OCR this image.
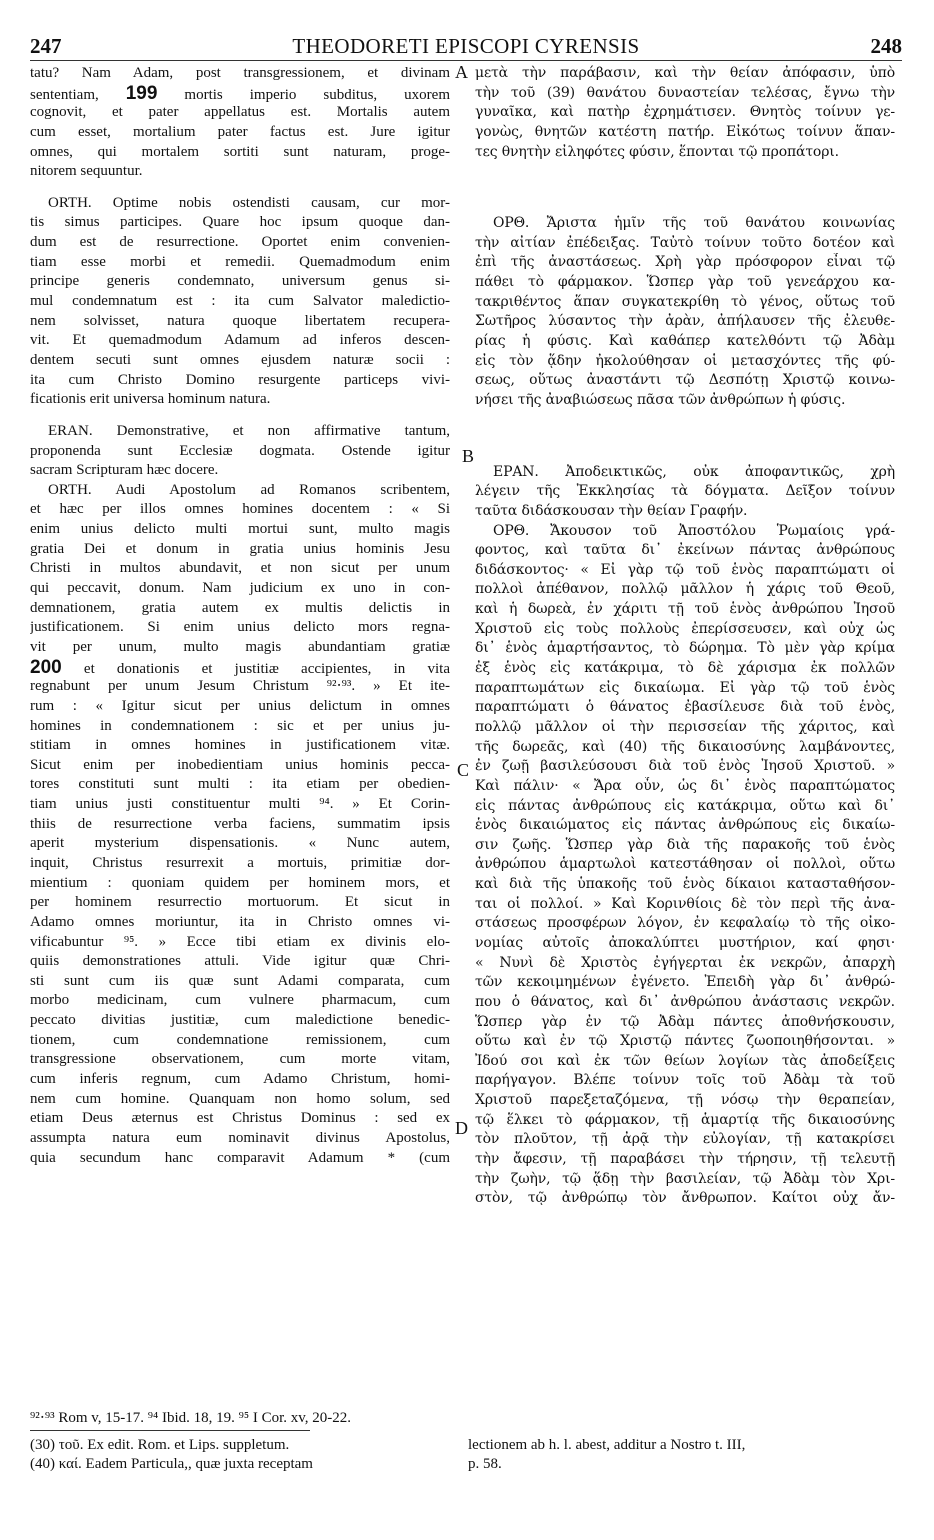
247	THEODORETI EPISCOPI CYRENSIS	248
tatu? Nam Adam, post transgressionem, et divinam
sententiam, 199 mortis imperio subditus, uxorem
cognovit, et pater appellatus est. Mortalis autem
cum esset, mortalium pater factus est. Jure igitur
omnes, qui mortalem sortiti sunt naturam, proge-
nitorem sequuntur.
ORTH. Optime nobis ostendisti causam, cur mor-
tis simus participes. Quare hoc ipsum quoque dan-
dum est de resurrectione. Oportet enim convenien-
tiam esse morbi et remedii. Quemadmodum enim
principe generis condemnato, universum genus si-
mul condemnatum est : ita cum Salvator maledictio-
nem solvisset, natura quoque libertatem recupera-
vit. Et quemadmodum Adamum ad inferos descen-
dentem secuti sunt omnes ejusdem naturæ socii :
ita cum Christo Domino resurgente particeps vivi-
ficationis erit universa hominum natura.
ERAN. Demonstrative, et non affirmative tantum,
proponenda sunt Ecclesiæ dogmata. Ostende igitur
sacram Scripturam hæc docere.
ORTH. Audi Apostolum ad Romanos scribentem,
et hæc per illos omnes homines docentem : « Si
enim unius delicto multi mortui sunt, multo magis
gratia Dei et donum in gratia unius hominis Jesu
Christi in multos abundavit, et non sicut per unum
qui peccavit, donum. Nam judicium ex uno in con-
demnationem, gratia autem ex multis delictis in
justificationem. Si enim unius delicto mors regna-
vit per unum, multo magis abundantiam gratiæ
200 et donationis et justitiæ accipientes, in vita
regnabunt per unum Jesum Christum ⁹²⋅⁹³. » Et ite-
rum : « Igitur sicut per unius delictum in omnes
homines in condemnationem : sic et per unius ju-
stitiam in omnes homines in justificationem vitæ.
Sicut enim per inobedientiam unius hominis pecca-
tores constituti sunt multi : ita etiam per obedien-
tiam unius justi constituentur multi ⁹⁴. » Et Corin-
thiis de resurrectione verba faciens, summatim ipsis
aperit mysterium dispensationis. « Nunc autem,
inquit, Christus resurrexit a mortuis, primitiæ dor-
mientium : quoniam quidem per hominem mors, et
per hominem resurrectio mortuorum. Et sicut in
Adamo omnes moriuntur, ita in Christo omnes vi-
vificabuntur ⁹⁵. » Ecce tibi etiam ex divinis elo-
quiis demonstrationes attuli. Vide igitur quæ Chri-
sti sunt cum iis quæ sunt Adami comparata, cum
morbo medicinam, cum vulnere pharmacum, cum
peccato divitias justitiæ, cum maledictione benedic-
tionem, cum condemnatione remissionem, cum
transgressione observationem, cum morte vitam,
cum inferis regnum, cum Adamo Christum, homi-
nem cum homine. Quanquam non homo solum, sed
etiam Deus æternus est Christus Dominus : sed ex
assumpta natura eum nominavit divinus Apostolus,
quia secundum hanc comparavit Adamum * (cum
A
B
C
D
μετὰ τὴν παράβασιν, καὶ τὴν θείαν ἀπόφασιν, ὑπὸ
τὴν τοῦ (39) θανάτου δυναστείαν τελέσας, ἔγνω τὴν
γυναῖκα, καὶ πατὴρ ἐχρημάτισεν. Θνητὸς τοίνυν γε-
γονὼς, θνητῶν κατέστη πατήρ. Εἰκότως τοίνυν ἅπαν-
τες θνητὴν εἰληφότες φύσιν, ἕπονται τῷ προπάτορι.
ΟΡΘ. Ἄριστα ἡμῖν τῆς τοῦ θανάτου κοινωνίας
τὴν αἰτίαν ἐπέδειξας. Ταὐτὸ τοίνυν τοῦτο δοτέον καὶ
ἐπὶ τῆς ἀναστάσεως. Χρὴ γὰρ πρόσφορον εἶναι τῷ
πάθει τὸ φάρμακον. Ὥσπερ γὰρ τοῦ γενεάρχου κα-
τακριθέντος ἅπαν συγκατεκρίθη τὸ γένος, οὕτως τοῦ
Σωτῆρος λύσαντος τὴν ἀρὰν, ἀπήλαυσεν τῆς ἐλευθε-
ρίας ἡ φύσις. Καὶ καθάπερ κατελθόντι τῷ Ἀδὰμ
εἰς τὸν ᾅδην ἠκολούθησαν οἱ μετασχόντες τῆς φύ-
σεως, οὕτως ἀναστάντι τῷ Δεσπότῃ Χριστῷ κοινω-
νήσει τῆς ἀναβιώσεως πᾶσα τῶν ἀνθρώπων ἡ φύσις.
ΕΡΑΝ. Ἀποδεικτικῶς, οὐκ ἀποφαντικῶς, χρὴ
λέγειν τῆς Ἐκκλησίας τὰ δόγματα. Δεῖξον τοίνυν
ταῦτα διδάσκουσαν τὴν θείαν Γραφήν.
ΟΡΘ. Ἄκουσον τοῦ Ἀποστόλου Ῥωμαίοις γρά-
φοντος, καὶ ταῦτα δι᾽ ἐκείνων πάντας ἀνθρώπους
διδάσκοντος· « Εἰ γὰρ τῷ τοῦ ἑνὸς παραπτώματι οἱ
πολλοὶ ἀπέθανον, πολλῷ μᾶλλον ἡ χάρις τοῦ Θεοῦ,
καὶ ἡ δωρεὰ, ἐν χάριτι τῇ τοῦ ἑνὸς ἀνθρώπου Ἰησοῦ
Χριστοῦ εἰς τοὺς πολλοὺς ἐπερίσσευσεν, καὶ οὐχ ὡς
δι᾽ ἑνὸς ἁμαρτήσαντος, τὸ δώρημα. Τὸ μὲν γὰρ κρίμα
ἐξ ἑνὸς εἰς κατάκριμα, τὸ δὲ χάρισμα ἐκ πολλῶν
παραπτωμάτων εἰς δικαίωμα. Εἰ γὰρ τῷ τοῦ ἑνὸς
παραπτώματι ὁ θάνατος ἐβασίλευσε διὰ τοῦ ἑνὸς,
πολλῷ μᾶλλον οἱ τὴν περισσείαν τῆς χάριτος, καὶ
τῆς δωρεᾶς, καὶ (40) τῆς δικαιοσύνης λαμβάνοντες,
ἐν ζωῇ βασιλεύσουσι διὰ τοῦ ἑνὸς Ἰησοῦ Χριστοῦ. »
Καὶ πάλιν· « Ἄρα οὖν, ὡς δι᾽ ἑνὸς παραπτώματος
εἰς πάντας ἀνθρώπους εἰς κατάκριμα, οὕτω καὶ δι᾽
ἑνὸς δικαιώματος εἰς πάντας ἀνθρώπους εἰς δικαίω-
σιν ζωῆς. Ὥσπερ γὰρ διὰ τῆς παρακοῆς τοῦ ἑνὸς
ἀνθρώπου ἁμαρτωλοὶ κατεστάθησαν οἱ πολλοὶ, οὕτω
καὶ διὰ τῆς ὑπακοῆς τοῦ ἑνὸς δίκαιοι κατασταθήσον-
ται οἱ πολλοί. » Καὶ Κορινθίοις δὲ τὸν περὶ τῆς ἀνα-
στάσεως προσφέρων λόγον, ἐν κεφαλαίῳ τὸ τῆς οἰκο-
νομίας αὐτοῖς ἀποκαλύπτει μυστήριον, καί φησι·
« Νυνὶ δὲ Χριστὸς ἐγήγερται ἐκ νεκρῶν, ἀπαρχὴ
τῶν κεκοιμημένων ἐγένετο. Ἐπειδὴ γὰρ δι᾽ ἀνθρώ-
που ὁ θάνατος, καὶ δι᾽ ἀνθρώπου ἀνάστασις νεκρῶν.
Ὥσπερ γὰρ ἐν τῷ Ἀδὰμ πάντες ἀποθνήσκουσιν,
οὕτω καὶ ἐν τῷ Χριστῷ πάντες ζωοποιηθήσονται. »
Ἰδού σοι καὶ ἐκ τῶν θείων λογίων τὰς ἀποδείξεις
παρήγαγον. Βλέπε τοίνυν τοῖς τοῦ Ἀδὰμ τὰ τοῦ
Χριστοῦ παρεξεταζόμενα, τῇ νόσῳ τὴν θεραπείαν,
τῷ ἕλκει τὸ φάρμακον, τῇ ἁμαρτίᾳ τῆς δικαιοσύνης
τὸν πλοῦτον, τῇ ἀρᾷ τὴν εὐλογίαν, τῇ κατακρίσει
τὴν ἄφεσιν, τῇ παραβάσει τὴν τήρησιν, τῇ τελευτῇ
τὴν ζωὴν, τῷ ᾅδῃ τὴν βασιλείαν, τῷ Ἀδὰμ τὸν Χρι-
στὸν, τῷ ἀνθρώπῳ τὸν ἄνθρωπον. Καίτοι οὐχ ἄν-
⁹²⋅⁹³ Rom v, 15-17. ⁹⁴ Ibid. 18, 19. ⁹⁵ I Cor. xv, 20-22.
(30) τοῦ. Ex edit. Rom. et Lips. suppletum.
(40) καί. Eadem Particula,, quæ juxta receptam
lectionem ab h. l. abest, additur a Nostro t. III,
p. 58.
